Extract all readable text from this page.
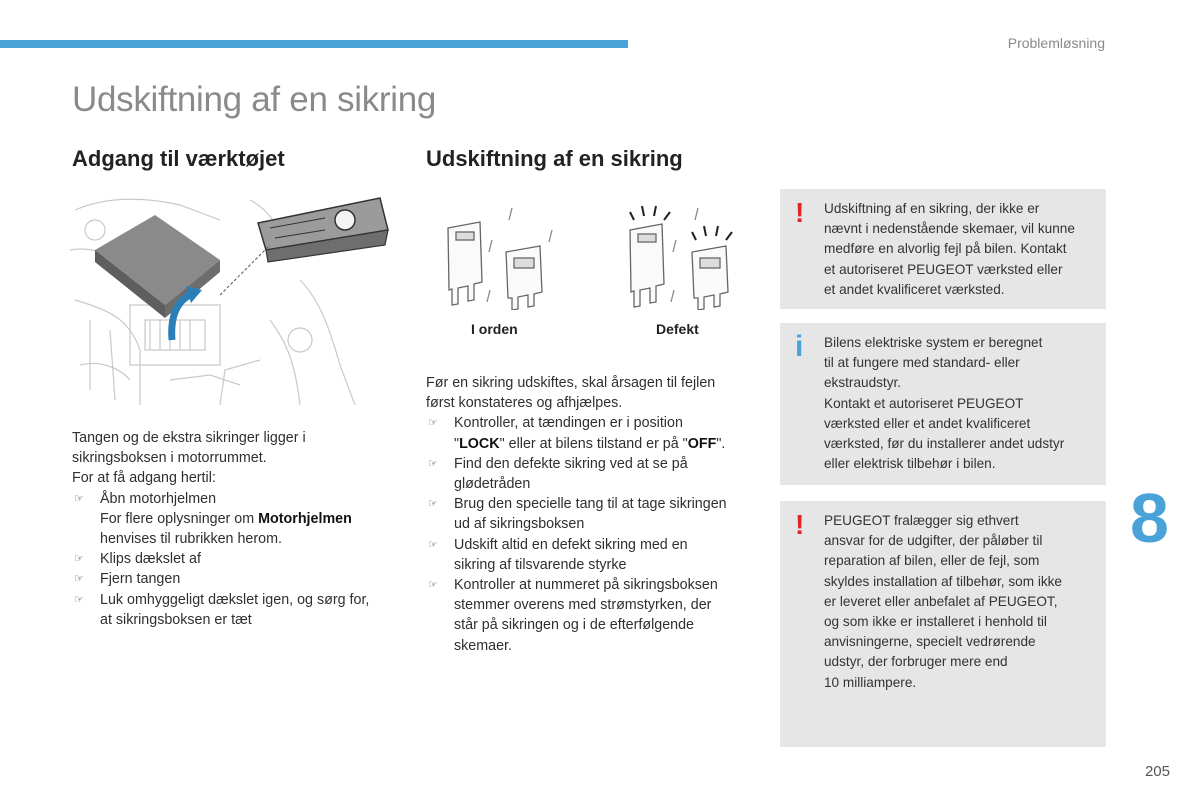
Problemløsning
Udskiftning af en sikring
Adgang til værktøjet

Tangen og de ekstra sikringer ligger i

sikringsboksen i motorrummet.

For at få adgang hertil:

☞ Åbn motorhjelmen

For flere oplysninger om Motorhjelmen

henvises til rubrikken herom.

☞ Klips dækslet af

☞ Fjern tangen

☞ Luk omhyggeligt dækslet igen, og sørg for,

at sikringsboksen er tæt

Udskiftning af en sikring
I orden	Defekt

Før en sikring udskiftes, skal årsagen til fejlen

først konstateres og afhjælpes.

☞ Kontroller, at tændingen er i position

"LOCK" eller at bilens tilstand er på "OFF".

☞ Find den defekte sikring ved at se på

glødetråden

☞ Brug den specielle tang til at tage sikringen

ud af sikringsboksen

☞ Udskift altid en defekt sikring med en

sikring af tilsvarende styrke

☞ Kontroller at nummeret på sikringsboksen

stemmer overens med strømstyrken, der

står på sikringen og i de efterfølgende

skemaer.

! Udskiftning af en sikring, der ikke er

nævnt i nedenstående skemaer, vil kunne

medføre en alvorlig fejl på bilen. Kontakt

et autoriseret PEUGEOT værksted eller

et andet kvalificeret værksted.

i Bilens elektriske system er beregnet

til at fungere med standard- eller

ekstraudstyr.

Kontakt et autoriseret PEUGEOT

værksted eller et andet kvalificeret

værksted, før du installerer andet udstyr

eller elektrisk tilbehør i bilen.

! PEUGEOT fralægger sig ethvert

ansvar for de udgifter, der påløber til

reparation af bilen, eller de fejl, som

skyldes installation af tilbehør, som ikke

er leveret eller anbefalet af PEUGEOT,

og som ikke er installeret i henhold til

anvisningerne, specielt vedrørende

udstyr, der forbruger mere end

10 milliampere.

8
205
